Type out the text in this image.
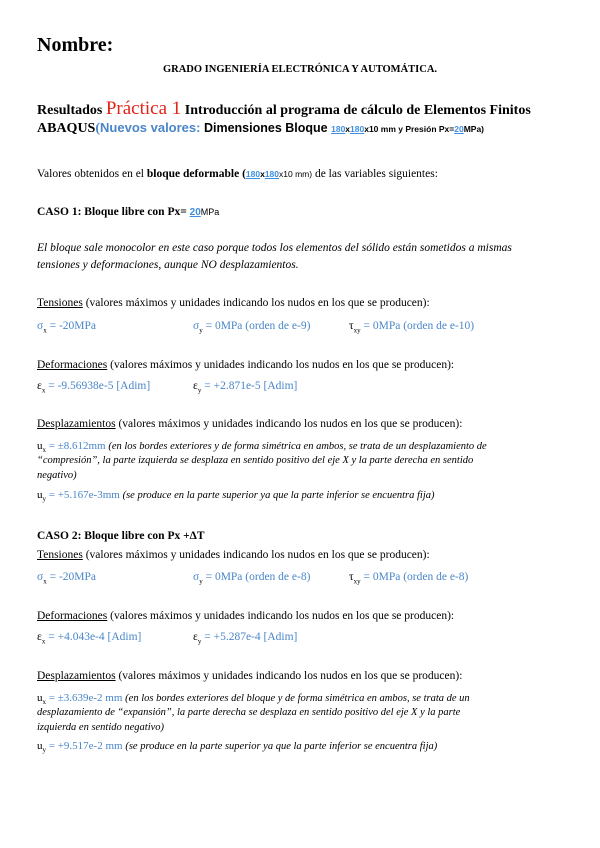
Nombre:
GRADO INGENIERÍA ELECTRÓNICA Y AUTOMÁTICA.
Resultados Práctica 1 Introducción al programa de cálculo de Elementos Finitos
ABAQUS(Nuevos valores: Dimensiones Bloque 180x180x10 mm y Presión Px=20MPa)
Valores obtenidos en el bloque deformable (180x180x10 mm) de las variables siguientes:
CASO 1: Bloque libre con Px= 20MPa
El bloque sale monocolor en este caso porque todos los elementos del sólido están sometidos a mismas
tensiones y deformaciones, aunque NO desplazamientos.
Tensiones (valores máximos y unidades indicando los nudos en los que se producen):
$\sigma_x = -20MPa$	$\sigma_y = 0MPa$ (orden de e-9)	$\tau_{xy} = 0MPa$ (orden de e-10)
Deformaciones (valores máximos y unidades indicando los nudos en los que se producen):
$\varepsilon_x = -9.56938e-5$ [Adim]	$\varepsilon_y = +2.871e-5$ [Adim]
Desplazamientos (valores máximos y unidades indicando los nudos en los que se producen):
$u_x = \pm 8.612mm$ (en los bordes exteriores y de forma simétrica en ambos, se trata de un desplazamiento de
“compresión”, la parte izquierda se desplaza en sentido positivo del eje X y la parte derecha en sentido
negativo)
$u_y = +5.167e-3mm$ (se produce en la parte superior ya que la parte inferior se encuentra fija)
CASO 2: Bloque libre con Px +ΔT
Tensiones (valores máximos y unidades indicando los nudos en los que se producen):
$\sigma_x = -20MPa$	$\sigma_y = 0MPa$ (orden de e-8)	$\tau_{xy} = 0MPa$ (orden de e-8)
Deformaciones (valores máximos y unidades indicando los nudos en los que se producen):
$\varepsilon_x = +4.043e-4$ [Adim]	$\varepsilon_y = +5.287e-4$ [Adim]
Desplazamientos (valores máximos y unidades indicando los nudos en los que se producen):
$u_x = \pm 3.639e-2$ mm (en los bordes exteriores del bloque y de forma simétrica en ambos, se trata de un
desplazamiento de “expansión”, la parte derecha se desplaza en sentido positivo del eje X y la parte
izquierda en sentido negativo)
$u_y = +9.517e-2$ mm (se produce en la parte superior ya que la parte inferior se encuentra fija)
